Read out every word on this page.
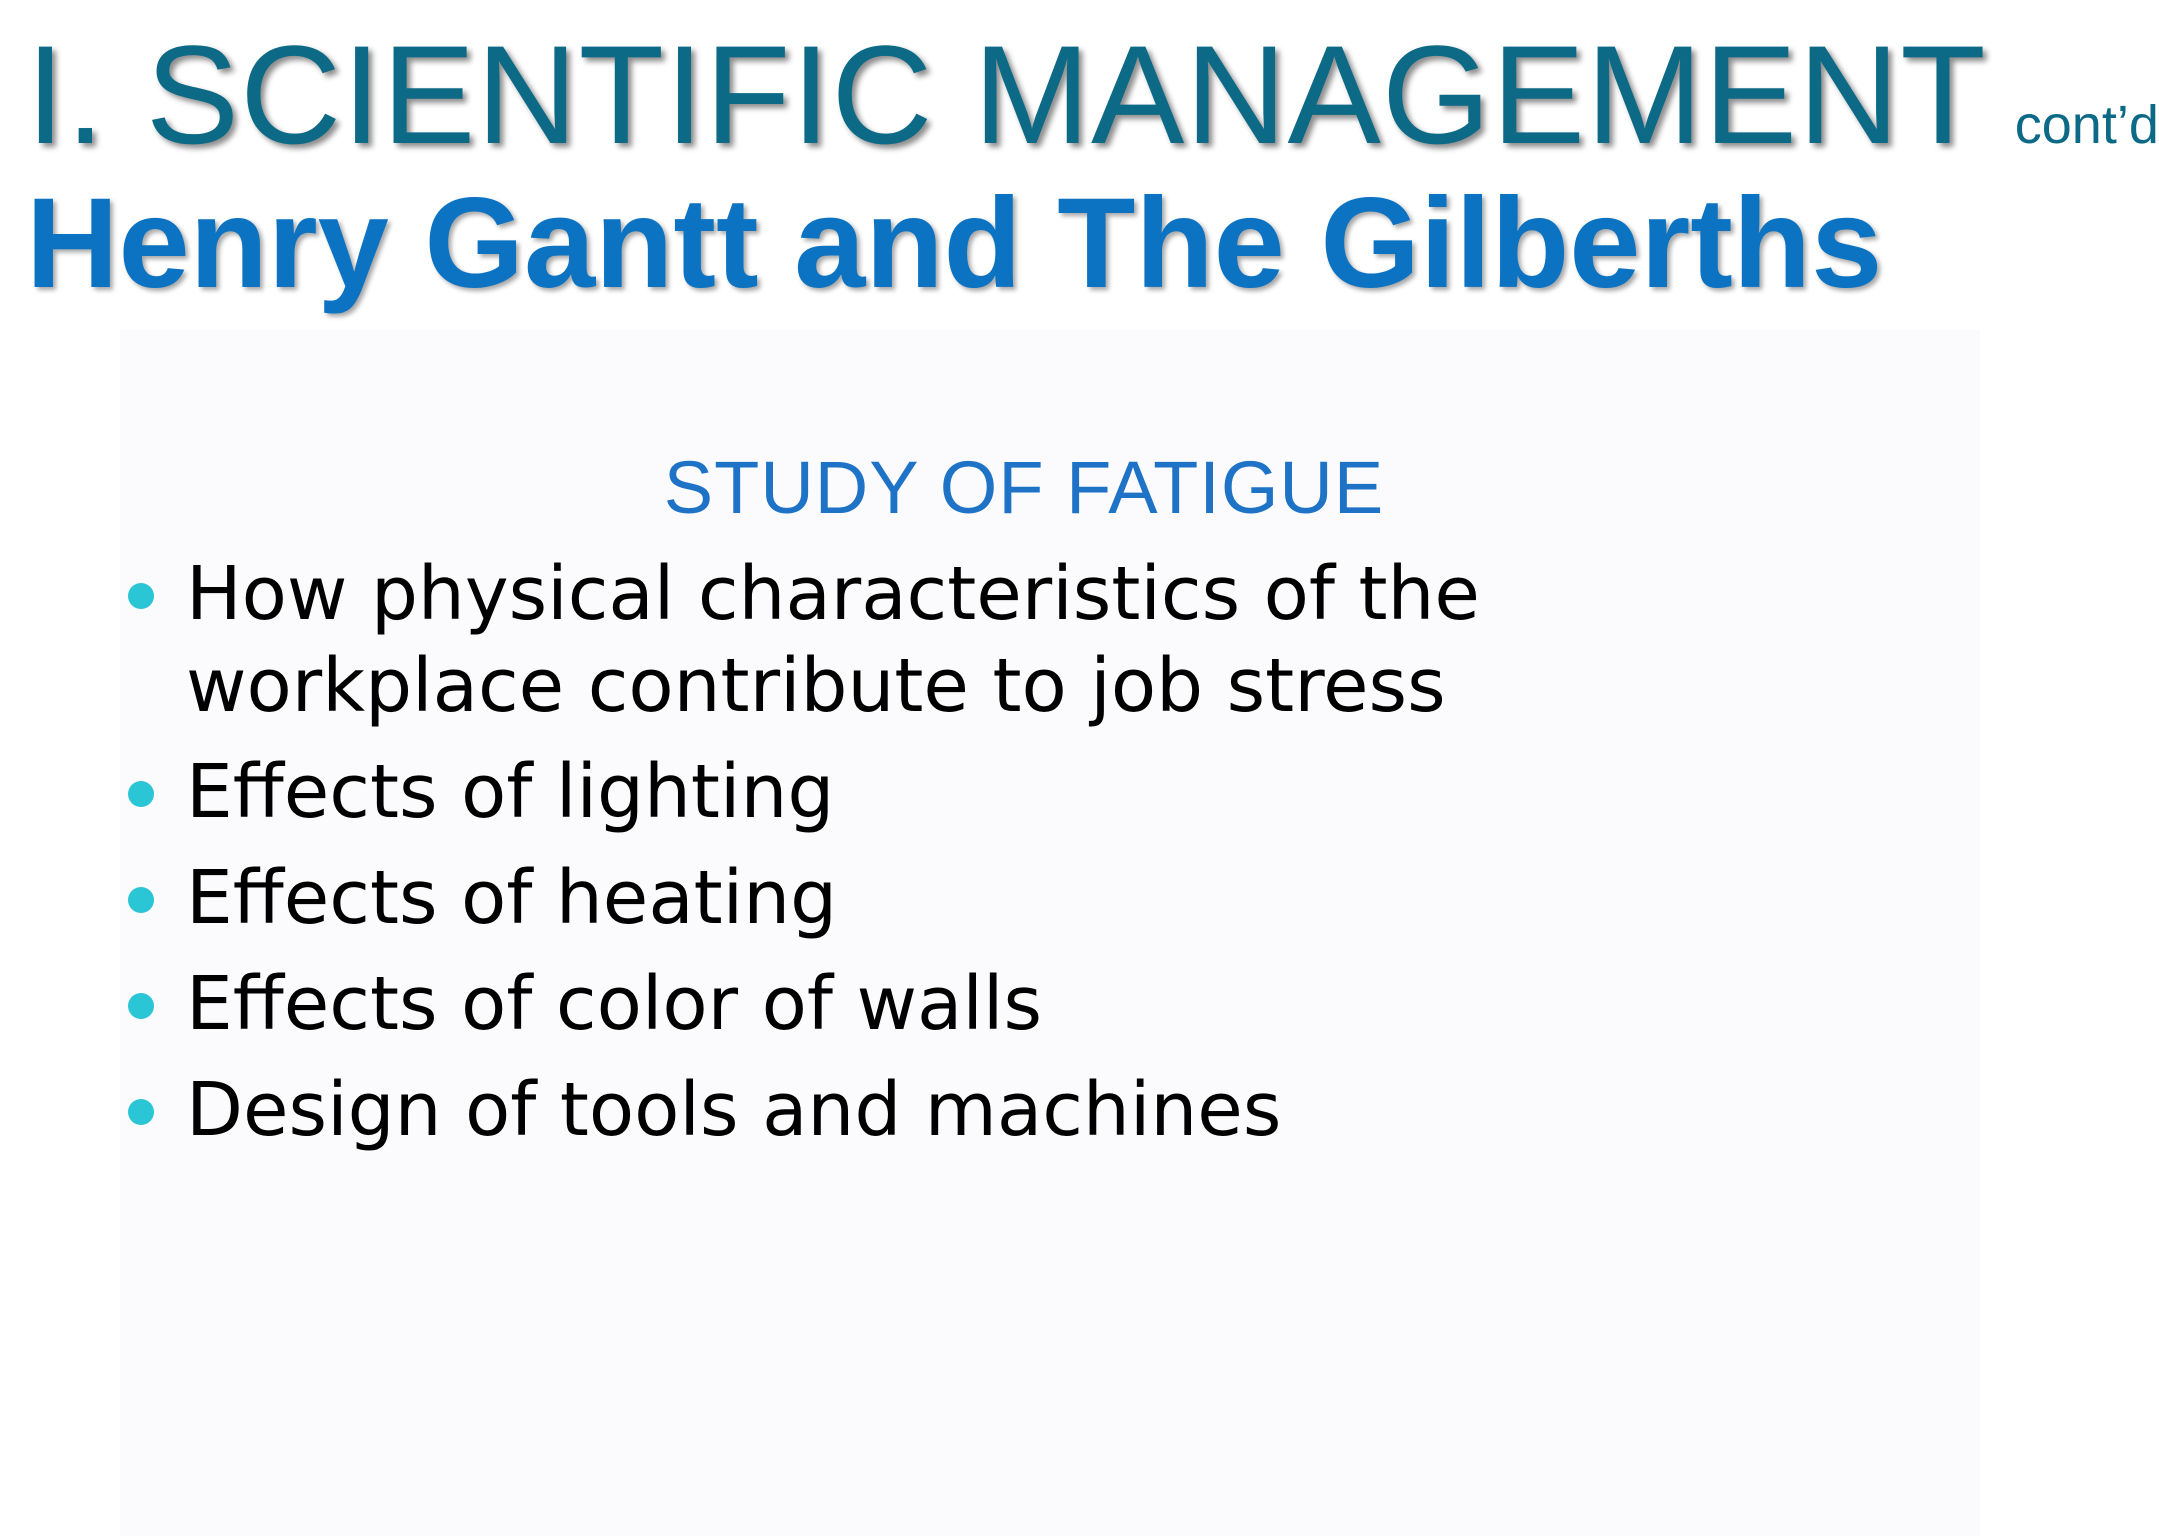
I. SCIENTIFIC MANAGEMENT cont’d
Henry Gantt and The Gilberths
STUDY OF FATIGUE
How physical characteristics of the workplace contribute to job stress
Effects of lighting
Effects of heating
Effects of color of walls
Design of tools and machines
